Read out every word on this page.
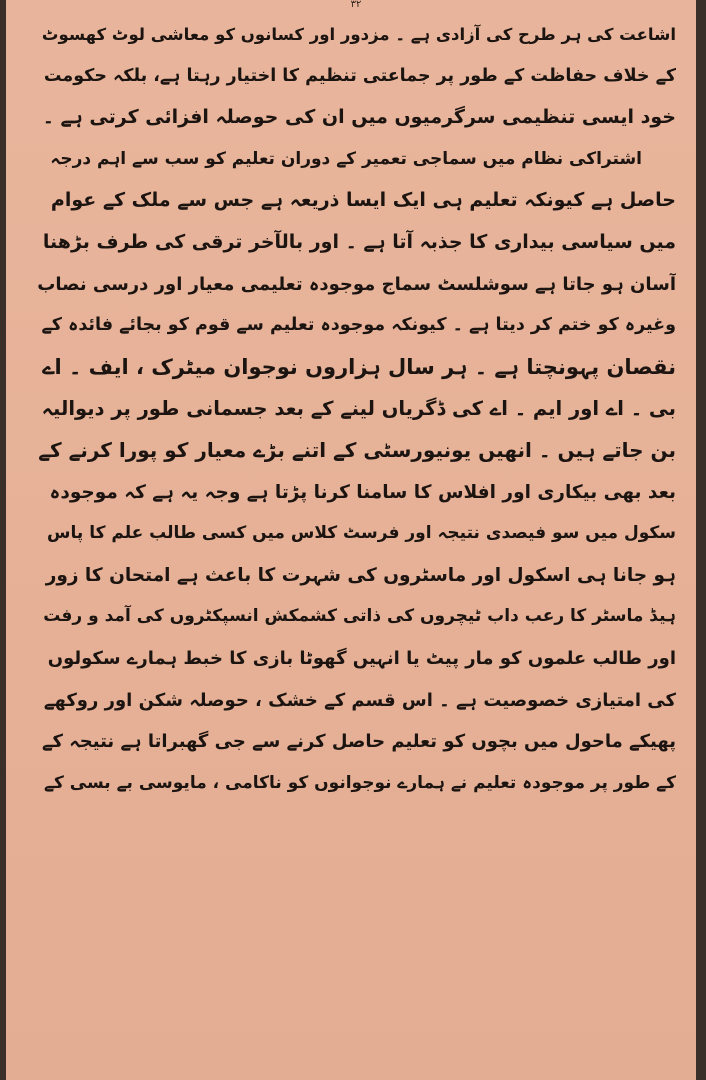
۳۲
اشاعت کی ہر طرح کی آزادی ہے ۔ مزدور اور کسانوں کو معاشی لوٹ کھسوٹ
کے خلاف حفاظت کے طور پر جماعتی تنظیم کا اختیار رہتا ہے، بلکہ حکومت
خود ایسی تنظیمی سرگرمیوں میں ان کی حوصلہ افزائی کرتی ہے ۔
اشتراکی نظام میں سماجی تعمیر کے دوران تعلیم کو سب سے اہم درجہ
حاصل ہے کیونکہ تعلیم ہی ایک ایسا ذریعہ ہے جس سے ملک کے عوام
میں سیاسی بیداری کا جذبہ آتا ہے ۔ اور بالآخر ترقی کی طرف بڑھنا
آسان ہو جاتا ہے سوشلسٹ سماج موجودہ تعلیمی معیار اور درسی نصاب
وغیرہ کو ختم کر دیتا ہے ۔ کیونکہ موجودہ تعلیم سے قوم کو بجائے فائدہ کے
نقصان پہونچتا ہے ۔ ہر سال ہزاروں نوجوان میٹرک ، ایف ۔ اے
بی ۔ اے اور ایم ۔ اے کی ڈگریاں لینے کے بعد جسمانی طور پر دیوالیہ
بن جاتے ہیں ۔ انھیں یونیورسٹی کے اتنے بڑے معیار کو پورا کرنے کے
بعد بھی بیکاری اور افلاس کا سامنا کرنا پڑتا ہے وجہ یہ ہے کہ موجودہ
سکول میں سو فیصدی نتیجہ اور فرسٹ کلاس میں کسی طالب علم کا پاس
ہو جانا ہی اسکول اور ماسٹروں کی شہرت کا باعث ہے امتحان کا زور
ہیڈ ماسٹر کا رعب داب ٹیچروں کی ذاتی کشمکش انسپکٹروں کی آمد و رفت
اور طالب علموں کو مار پیٹ یا انہیں گھوٹا بازی کا خبط ہمارے سکولوں
کی امتیازی خصوصیت ہے ۔ اس قسم کے خشک ، حوصلہ شکن اور روکھے
پھیکے ماحول میں بچوں کو تعلیم حاصل کرنے سے جی گھبراتا ہے نتیجہ کے
کے طور پر موجودہ تعلیم نے ہمارے نوجوانوں کو ناکامی ، مایوسی بے بسی کے
